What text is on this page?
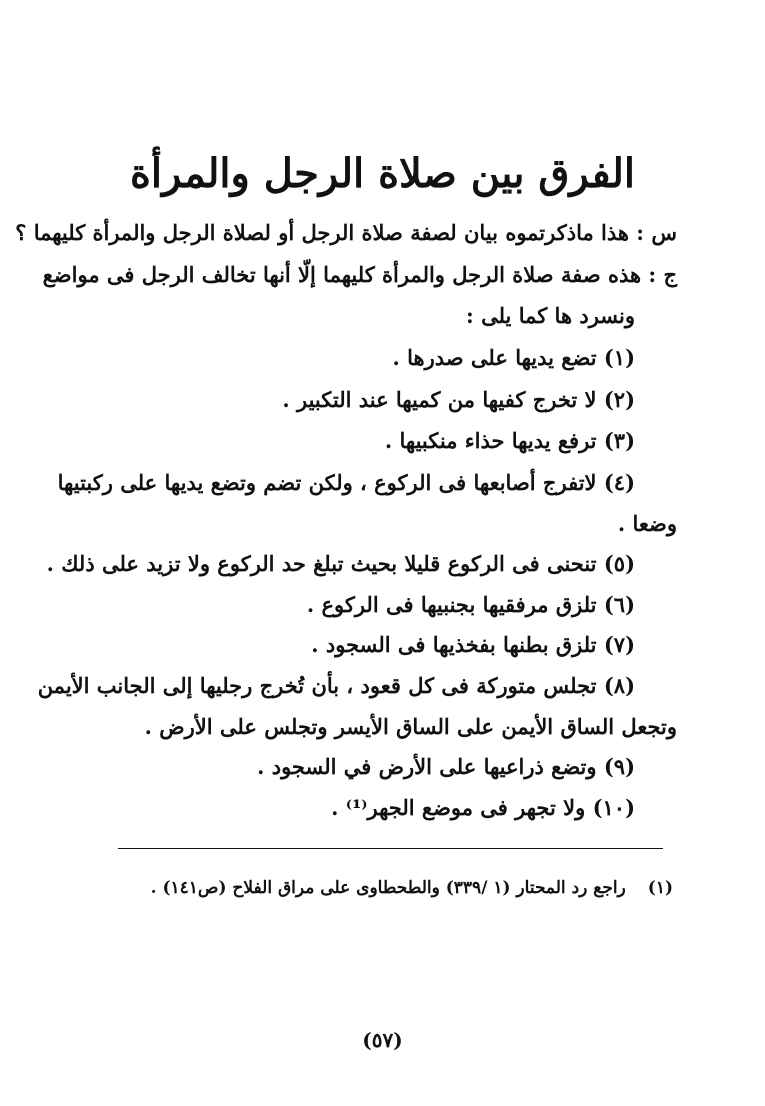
الفرق بين صلاة الرجل والمرأة
س : هذا ماذكرتموه بيان لصفة صلاة الرجل أو لصلاة الرجل والمرأة كليهما ؟
ج : هذه صفة صلاة الرجل والمرأة كليهما إلّا أنها تخالف الرجل فى مواضع
ونسرد ها كما يلى :
(١) تضع يديها على صدرها .
(٢) لا تخرج كفيها من كميها عند التكبير .
(٣) ترفع يديها حذاء منكبيها .
(٤) لاتفرج أصابعها فى الركوع ، ولكن تضم وتضع يديها على ركبتيها
وضعا .
(٥) تنحنى فى الركوع قليلا بحيث تبلغ حد الركوع ولا تزيد على ذلك .
(٦) تلزق مرفقيها بجنبيها فى الركوع .
(٧) تلزق بطنها بفخذيها فى السجود .
(٨) تجلس متوركة فى كل قعود ، بأن تُخرج رجليها إلى الجانب الأيمن
وتجعل الساق الأيمن على الساق الأيسر وتجلس على الأرض .
(٩) وتضع ذراعيها على الأرض في السجود .
(١٠) ولا تجهر فى موضع الجهر⁽¹⁾ .
(١)راجع رد المحتار (١ /٣٣٩) والطحطاوى على مراق الفلاح (ص١٤١) .
(٥٧)
